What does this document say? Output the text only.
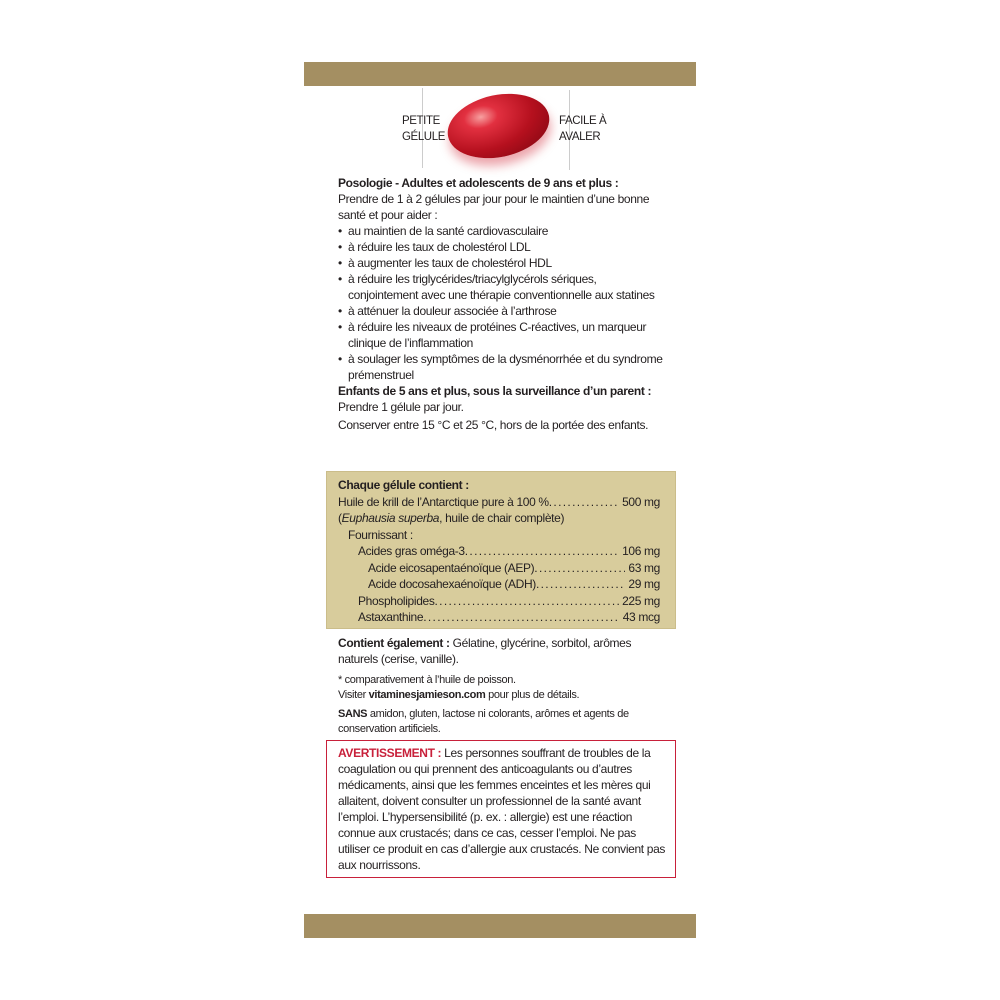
PETITE
GÉLULE
FACILE À
AVALER

Posologie - Adultes et adolescents de 9 ans et plus :

Prendre de 1 à 2 gélules par jour pour le maintien d’une bonne santé et pour aider :

• au maintien de la santé cardiovasculaire
• à réduire les taux de cholestérol LDL
• à augmenter les taux de cholestérol HDL
• à réduire les triglycérides/triacylglycérols sériques, conjointement avec une thérapie conventionnelle aux statines
• à atténuer la douleur associée à l’arthrose
• à réduire les niveaux de protéines C-réactives, un marqueur clinique de l’inflammation
• à soulager les symptômes de la dysménorrhée et du syndrome prémenstruel

Enfants de 5 ans et plus, sous la surveillance d’un parent : Prendre 1 gélule par jour.

Conserver entre 15 °C et 25 °C, hors de la portée des enfants.

Chaque gélule contient :
Huile de krill de l’Antarctique pure à 100 % . . .	500 mg
(Euphausia superba, huile de chair complète)
Fournissant :
Acides gras oméga-3 . . .	106 mg
Acide eicosapentaénoïque (AEP) . . .	63 mg
Acide docosahexaénoïque (ADH) . . .	29 mg
Phospholipides . . .	225 mg
Astaxanthine . . .	43 mcg
Contient également : Gélatine, glycérine, sorbitol, arômes naturels (cerise, vanille).
* comparativement à l’huile de poisson.
Visiter vitaminesjamieson.com pour plus de détails.
SANS amidon, gluten, lactose ni colorants, arômes et agents de conservation artificiels.
AVERTISSEMENT : Les personnes souffrant de troubles de la coagulation ou qui prennent des anticoagulants ou d’autres médicaments, ainsi que les femmes enceintes et les mères qui allaitent, doivent consulter un professionnel de la santé avant l’emploi. L’hypersensibilité (p. ex. : allergie) est une réaction connue aux crustacés; dans ce cas, cesser l’emploi. Ne pas utiliser ce produit en cas d’allergie aux crustacés. Ne convient pas aux nourrissons.
